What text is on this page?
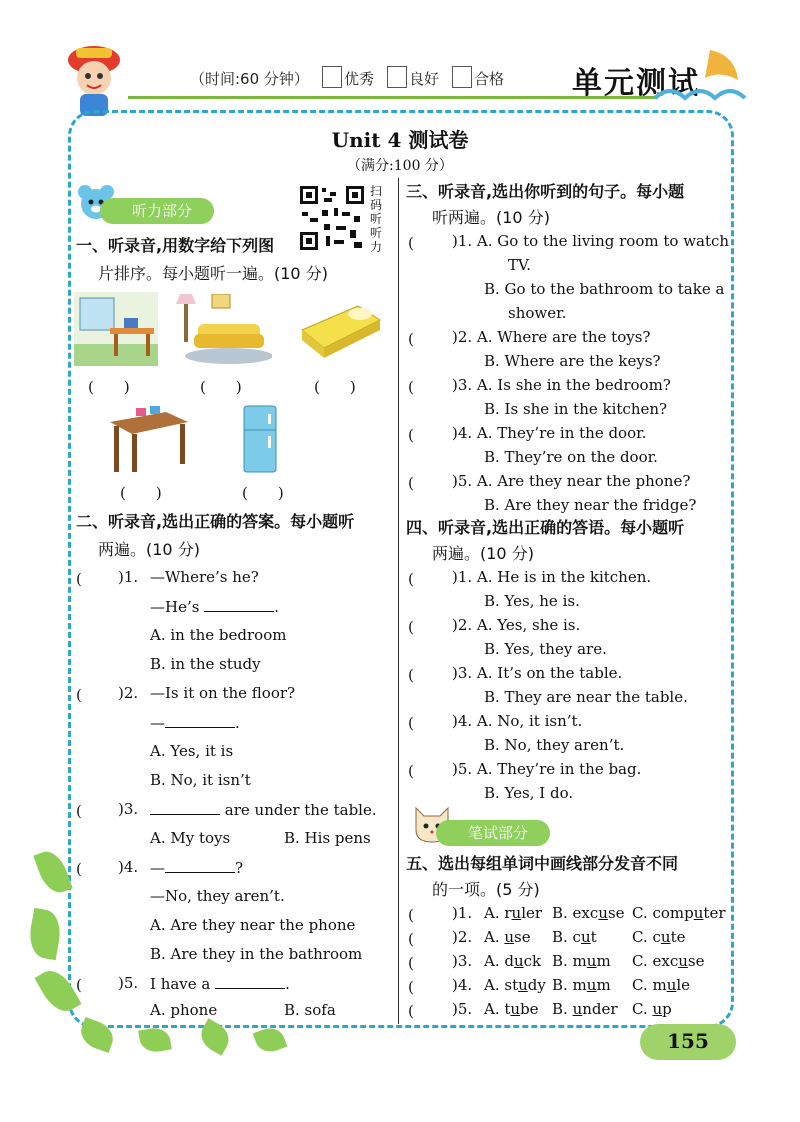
（时间:60 分钟） 优秀 良好 合格 单元测试
Unit 4 测试卷
（满分:100 分）
听力部分
扫码听听力
一、听录音,用数字给下列图
片排序。每小题听一遍。(10 分)
(　　)	(　　)	(　　)
(　　)	(　　)
二、听录音,选出正确的答案。每小题听
两遍。(10 分)
(　　 )1. —Where’s he?
—He’s	.
A. in the bedroom
B. in the study
(　　 )2. —Is it on the floor?
—	.
A. Yes, it is
B. No, it isn’t
(　　 )3.	are under the table.
A. My toys	B. His pens
(　　 )4. —	?
—No, they aren’t.
A. Are they near the phone
B. Are they in the bathroom
(　　 )5. I have a	.
A. phone	B. sofa
三、听录音,选出你听到的句子。每小题
听两遍。(10 分)
(　　 )1. A. Go to the living room to watch
TV.
B. Go to the bathroom to take a
shower.
(　　 )2. A. Where are the toys?
B. Where are the keys?
(　　 )3. A. Is she in the bedroom?
B. Is she in the kitchen?
(　　 )4. A. They’re in the door.
B. They’re on the door.
(　　 )5. A. Are they near the phone?
B. Are they near the fridge?
四、听录音,选出正确的答语。每小题听
两遍。(10 分)
(　　 )1. A. He is in the kitchen.
B. Yes, he is.
(　　 )2. A. Yes, she is.
B. Yes, they are.
(　　 )3. A. It’s on the table.
B. They are near the table.
(　　 )4. A. No, it isn’t.
B. No, they aren’t.
(　　 )5. A. They’re in the bag.
B. Yes, I do.
笔试部分
五、选出每组单词中画线部分发音不同
的一项。(5 分)
(　　 )1. A. ruler B. excuse C. computer
(　　 )2. A. use B. cut C. cute
(　　 )3. A. duck B. mum C. excuse
(　　 )4. A. study B. mum C. mule
(　　 )5. A. tube B. under C. up
155
